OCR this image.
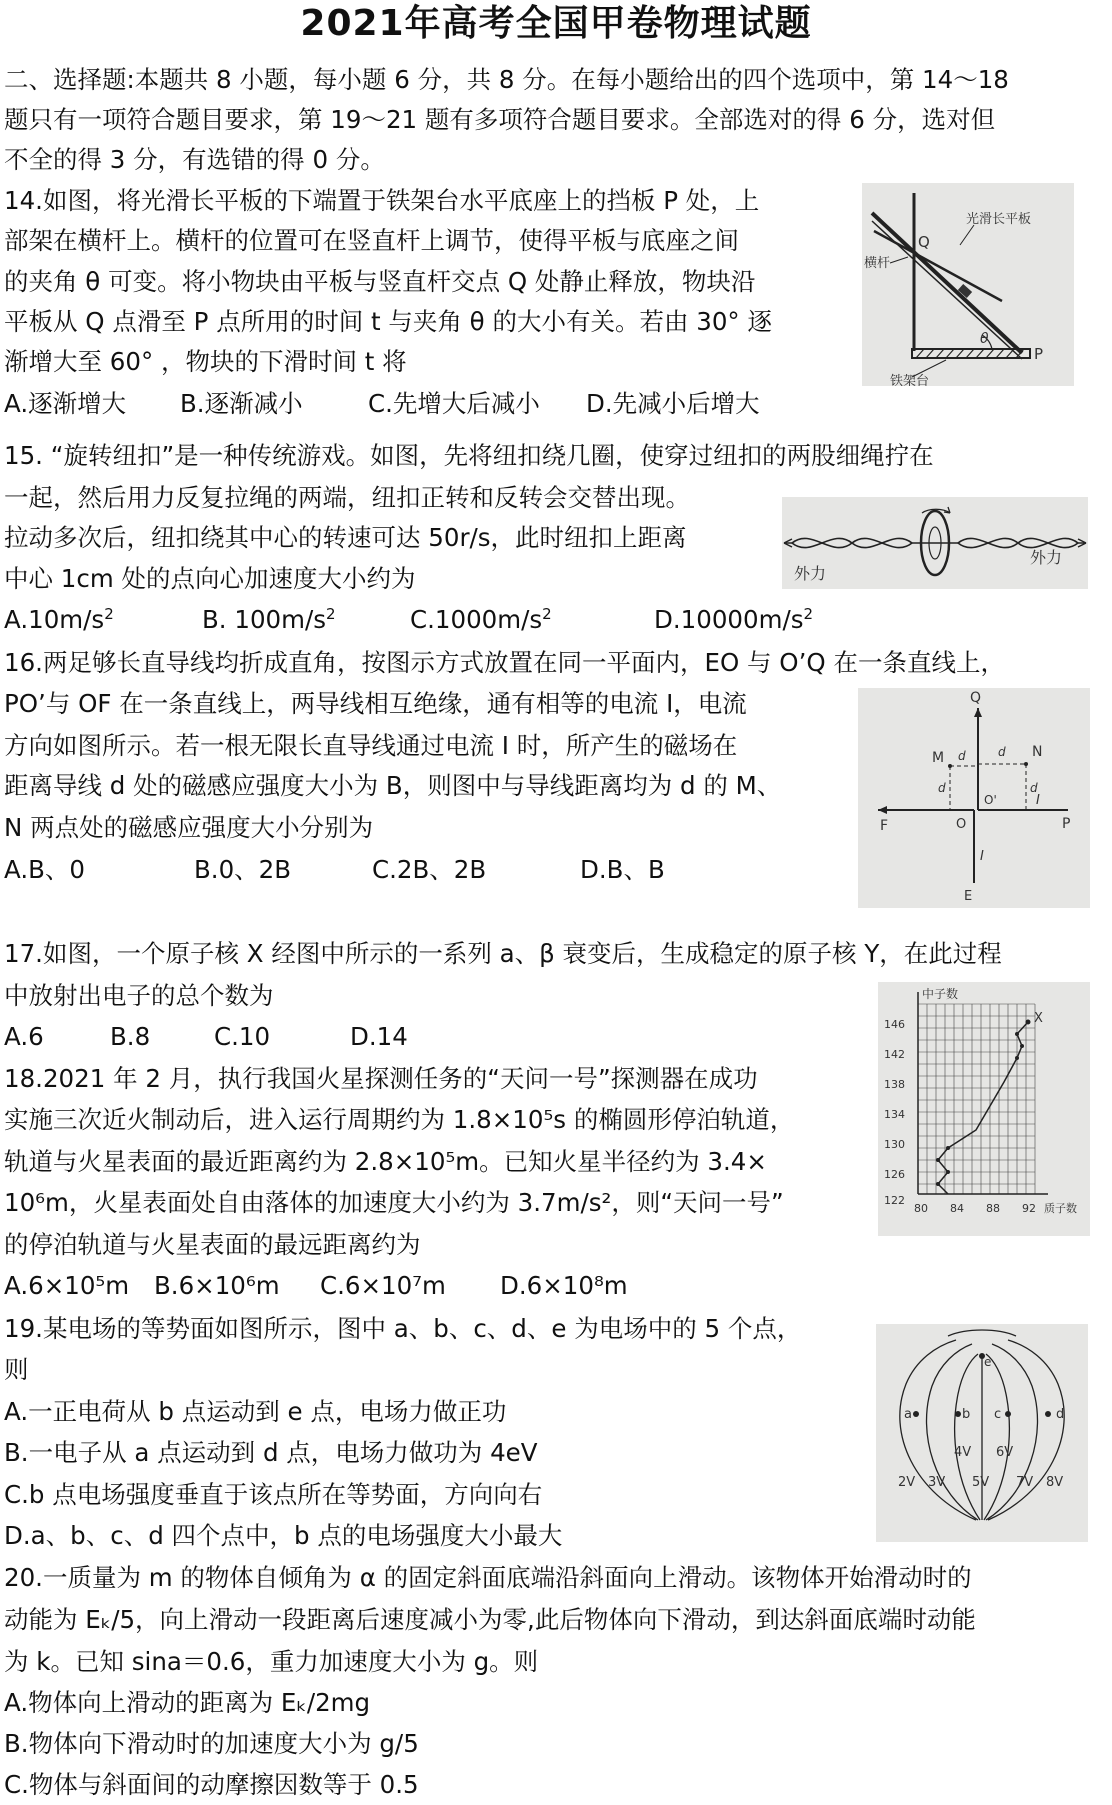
2021年高考全国甲卷物理试题
二、选择题:本题共 8 小题，每小题 6 分，共 8 分。在每小题给出的四个选项中，第 14～18
题只有一项符合题目要求，第 19～21 题有多项符合题目要求。全部选对的得 6 分，选对但
不全的得 3 分，有选错的得 0 分。
14.如图，将光滑长平板的下端置于铁架台水平底座上的挡板 P 处，上
部架在横杆上。横杆的位置可在竖直杆上调节，使得平板与底座之间
的夹角 θ 可变。将小物块由平板与竖直杆交点 Q 处静止释放，物块沿
平板从 Q 点滑至 P 点所用的时间 t 与夹角 θ 的大小有关。若由 30° 逐
渐增大至 60° ，物块的下滑时间 t 将
A.逐渐增大 B.逐渐减小	C.先增大后减小 D.先减小后增大
光滑长平板
横杆
Q
θ
P
铁架台
15. “旋转纽扣”是一种传统游戏。如图，先将纽扣绕几圈，使穿过纽扣的两股细绳拧在
一起，然后用力反复拉绳的两端，纽扣正转和反转会交替出现。
拉动多次后，纽扣绕其中心的转速可达 50r/s，此时纽扣上距离
中心 1cm 处的点向心加速度大小约为
$A.10m/s^2$	B. $100m/s^2$	$C.1000m/s^2$	$D.10000m/s^2$
外力
外力
16.两足够长直导线均折成直角，按图示方式放置在同一平面内，EO 与 O’Q 在一条直线上，
PO’与 OF 在一条直线上，两导线相互绝缘，通有相等的电流 I，电流
方向如图所示。若一根无限长直导线通过电流 I 时，所产生的磁场在
距离导线 d 处的磁感应强度大小为 B，则图中与导线距离均为 d 的 M、
N 两点处的磁感应强度大小分别为
A.B、0	B.0、2B	C.2B、2B	D.B、B
Q
M	N
d	d
d	d
O'
F	O
I
P
I
E
17.如图，一个原子核 X 经图中所示的一系列 a、β 衰变后，生成稳定的原子核 Y，在此过程
中放射出电子的总个数为
A.6	B.8	C.10	D.14
中子数
X
146
142
138
134
130
126
122
80 84 88 92 质子数
18.2021 年 2 月，执行我国火星探测任务的“天问一号”探测器在成功
实施三次近火制动后，进入运行周期约为 1.8×10⁵s 的椭圆形停泊轨道，
轨道与火星表面的最近距离约为 2.8×10⁵m。已知火星半径约为 3.4×
10⁶m，火星表面处自由落体的加速度大小约为 3.7m/s²，则“天问一号”
的停泊轨道与火星表面的最远距离约为
A.6×10⁵m B.6×10⁶m C.6×10⁷m D.6×10⁸m
19.某电场的等势面如图所示，图中 a、b、c、d、e 为电场中的 5 个点，
则
A.一正电荷从 b 点运动到 e 点，电场力做正功
B.一电子从 a 点运动到 d 点，电场力做功为 4eV
C.b 点电场强度垂直于该点所在等势面，方向向右
D.a、b、c、d 四个点中，b 点的电场强度大小最大
e
a	b c	d
4V 6V
2V 3V 5V 7V 8V
20.一质量为 m 的物体自倾角为 α 的固定斜面底端沿斜面向上滑动。该物体开始滑动时的
动能为 Eₖ/5，向上滑动一段距离后速度减小为零,此后物体向下滑动，到达斜面底端时动能
为 k。已知 sina＝0.6，重力加速度大小为 g。则
A.物体向上滑动的距离为 Eₖ/2mg
B.物体向下滑动时的加速度大小为 g/5
C.物体与斜面间的动摩擦因数等于 0.5
